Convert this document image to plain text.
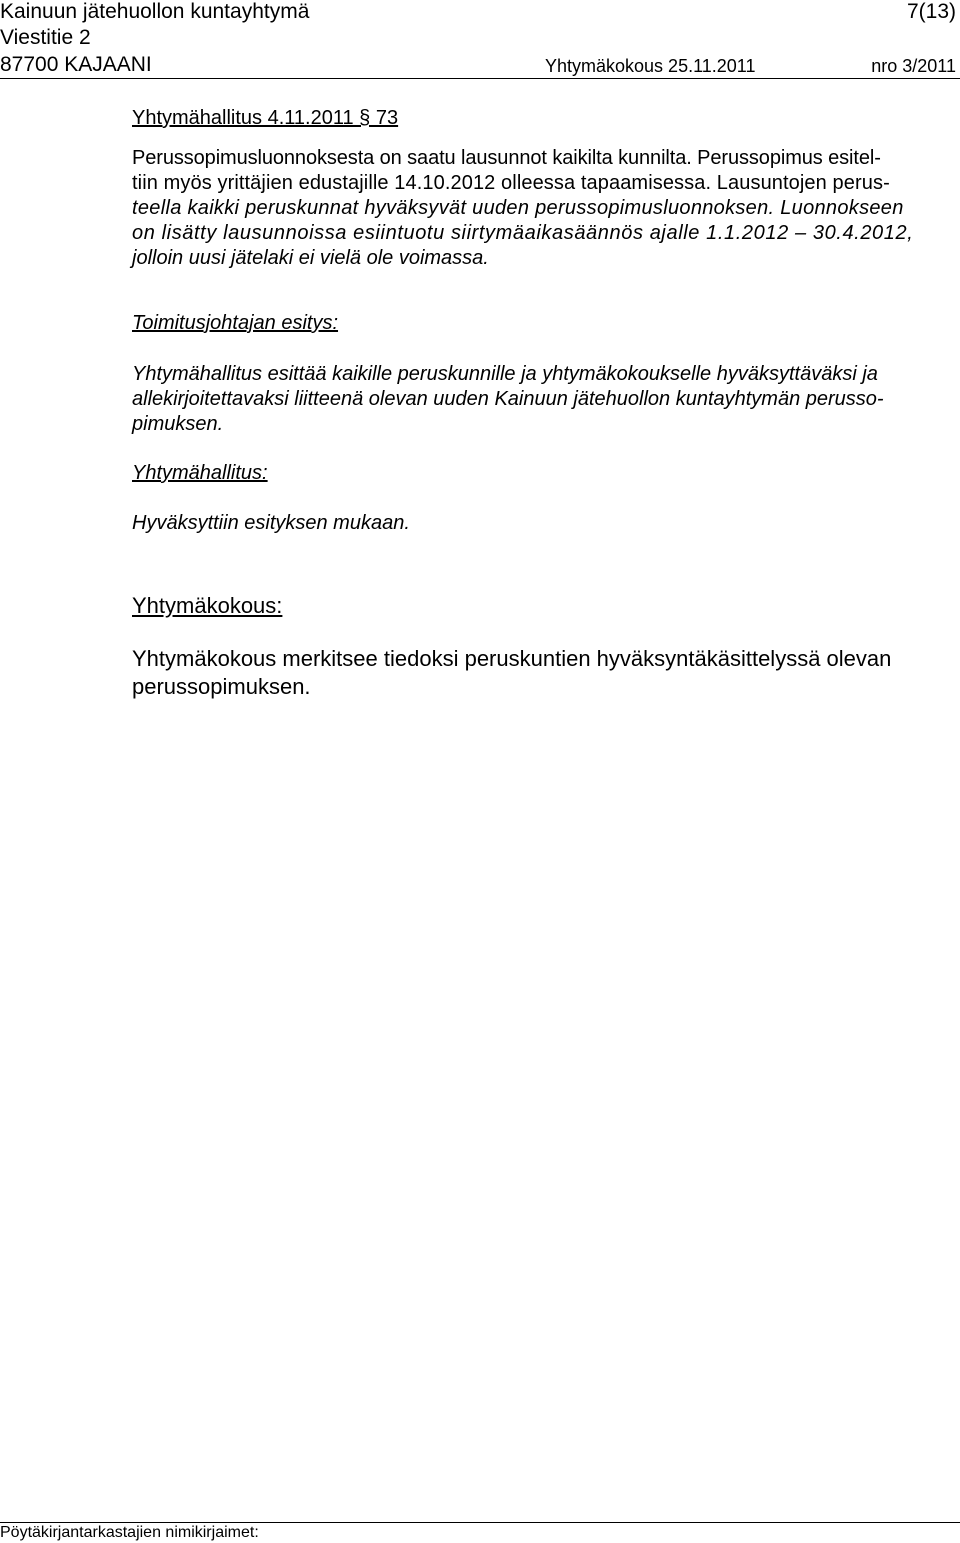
Kainuun jätehuollon kuntayhtymä	7(13)
Viestitie 2
87700 KAJAANI	Yhtymäkokous 25.11.2011	nro 3/2011
Yhtymähallitus 4.11.2011 § 73
Perussopimusluonnoksesta on saatu lausunnot kaikilta kunnilta. Perussopimus esitel-
tiin myös yrittäjien edustajille 14.10.2012 olleessa tapaamisessa. Lausuntojen perus-
teella kaikki peruskunnat hyväksyvät uuden perussopimusluonnoksen. Luonnokseen
on lisätty lausunnoissa esiintuotu siirtymäaikasäännös ajalle 1.1.2012 – 30.4.2012,
jolloin uusi jätelaki ei vielä ole voimassa.
Toimitusjohtajan esitys:
Yhtymähallitus esittää kaikille peruskunnille ja yhtymäkokoukselle hyväksyttäväksi ja
allekirjoitettavaksi liitteenä olevan uuden Kainuun jätehuollon kuntayhtymän perusso-
pimuksen.
Yhtymähallitus:
Hyväksyttiin esityksen mukaan.
Yhtymäkokous:
Yhtymäkokous merkitsee tiedoksi peruskuntien hyväksyntäkäsittelyssä olevan
perussopimuksen.
Pöytäkirjantarkastajien nimikirjaimet:
